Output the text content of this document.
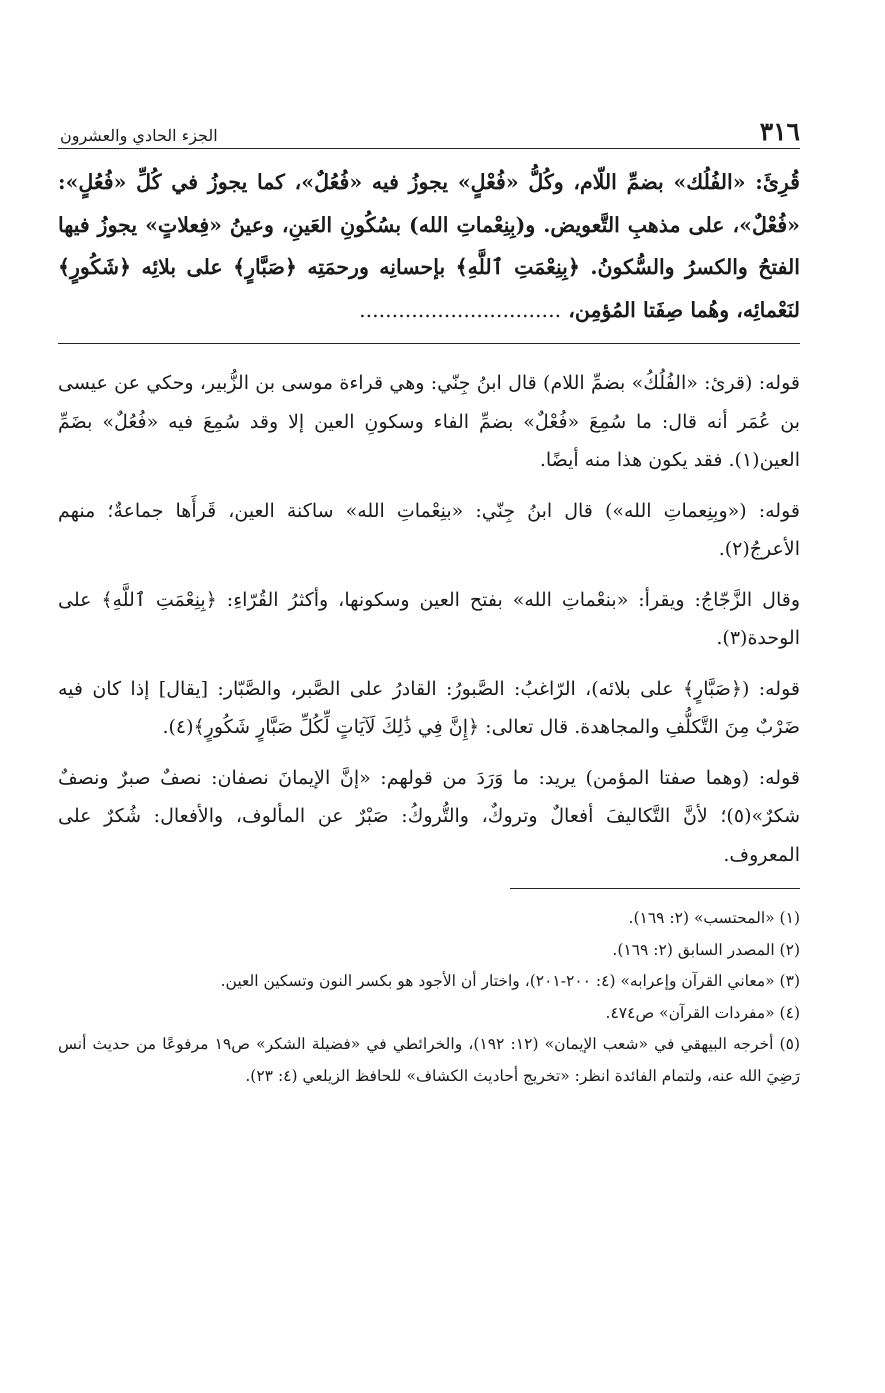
٣١٦
الجزء الحادي والعشرون

قُرِئَ: «الفُلُك» بضمِّ اللّام، وكُلُّ «فُعْلٍ» يجوزُ فيه «فُعُلٌ»، كما يجوزُ في كُلِّ «فُعُلٍ»: «فُعْلٌ»، على مذهبِ التَّعويض. و(بِنِعْماتِ الله) بسُكُونِ العَينِ، وعينُ «فِعلاتٍ» يجوزُ فيها الفتحُ والكسرُ والسُّكونُ. ﴿بِنِعْمَتِ ٱللَّهِ﴾ بإحسانِه ورحمَتِه ﴿صَبَّارٍ﴾ على بلائِه ﴿شَكُورٍ﴾ لنَعْمائِه، وهُما صِفَتا المُؤمِن، ...............................

قوله: (قرئ: «الفُلُكُ» بضمِّ اللام) قال ابنُ جِنّي: وهي قراءة موسى بن الزُّبير، وحكي عن عيسى بن عُمَر أنه قال: ما سُمِعَ «فُعْلٌ» بضمِّ الفاء وسكونِ العين إلا وقد سُمِعَ فيه «فُعُلٌ» بضَمِّ العين(١). فقد يكون هذا منه أيضًا.

قوله: («وبِنِعماتِ الله») قال ابنُ جِنّي: «بنِعْماتِ الله» ساكنة العين، قَرأَها جماعةٌ؛ منهم الأعرجُ(٢).

وقال الزَّجّاجُ: ويقرأ: «بنعْماتِ الله» بفتح العين وسكونها، وأكثرُ القُرّاءِ: ﴿بِنِعْمَتِ ٱللَّهِ﴾ على الوحدة(٣).

قوله: (﴿صَبَّارٍ﴾ على بلائه)، الرّاغبُ: الصَّبورُ: القادرُ على الصَّبر، والصَّبّار: [يقال] إذا كان فيه ضَرْبٌ مِنَ التَّكلُّفِ والمجاهدة. قال تعالى: ﴿إِنَّ فِي ذَٰلِكَ لَآيَاتٍ لِّكُلِّ صَبَّارٍ شَكُورٍ﴾(٤).

قوله: (وهما صفتا المؤمن) يريد: ما وَرَدَ من قولهم: «إنَّ الإيمانَ نصفان: نصفٌ صبرٌ ونصفٌ شكرٌ»(٥)؛ لأنَّ التَّكاليفَ أفعالٌ وتروكٌ، والتُّروكُ: صَبْرٌ عن المألوف، والأفعال: شُكرٌ على المعروف.

(١) «المحتسب» (٢: ١٦٩).

(٢) المصدر السابق (٢: ١٦٩).

(٣) «معاني القرآن وإعرابه» (٤: ٢٠٠-٢٠١)، واختار أن الأجود هو بكسر النون وتسكين العين.

(٤) «مفردات القرآن» ص٤٧٤.

(٥) أخرجه البيهقي في «شعب الإيمان» (١٢: ١٩٢)، والخرائطي في «فضيلة الشكر» ص١٩ مرفوعًا من حديث أنس رَضِيَ الله عنه، ولتمام الفائدة انظر: «تخريج أحاديث الكشاف» للحافظ الزيلعي (٤: ٢٣).
